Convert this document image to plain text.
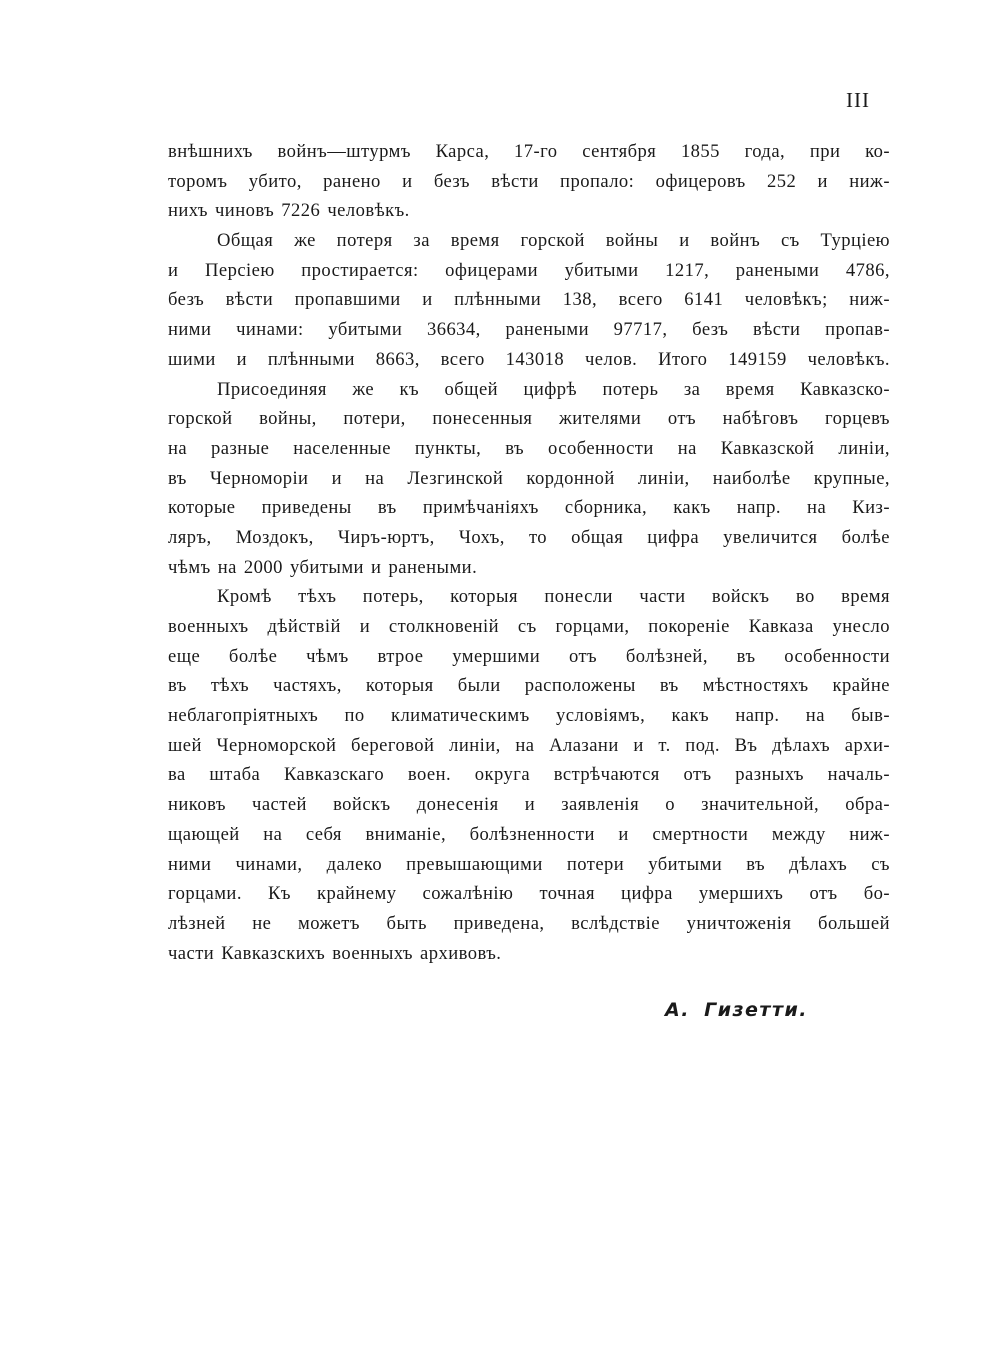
III
внѣшнихъ войнъ—штурмъ Карса, 17-го сентября 1855 года, при ко-
торомъ убито, ранено и безъ вѣсти пропало: офицеровъ 252 и ниж-
нихъ чиновъ 7226 человѣкъ.
Общая же потеря за время горской войны и войнъ съ Турціею
и Персіею простирается: офицерами убитыми 1217, ранеными 4786,
безъ вѣсти пропавшими и плѣнными 138, всего 6141 человѣкъ; ниж-
ними чинами: убитыми 36634, ранеными 97717, безъ вѣсти пропав-
шими и плѣнными 8663, всего 143018 челов. Итого 149159 человѣкъ.
Присоединяя же къ общей цифрѣ потерь за время Кавказско-
горской войны, потери, понесенныя жителями отъ набѣговъ горцевъ
на разные населенные пункты, въ особенности на Кавказской линіи,
въ Черноморіи и на Лезгинской кордонной линіи, наиболѣе крупные,
которые приведены въ примѣчаніяхъ сборника, какъ напр. на Киз-
ляръ, Моздокъ, Чиръ-юртъ, Чохъ, то общая цифра увеличится болѣе
чѣмъ на 2000 убитыми и ранеными.
Кромѣ тѣхъ потерь, которыя понесли части войскъ во время
военныхъ дѣйствій и столкновеній съ горцами, покореніе Кавказа унесло
еще болѣе чѣмъ втрое умершими отъ болѣзней, въ особенности
въ тѣхъ частяхъ, которыя были расположены въ мѣстностяхъ крайне
неблагопріятныхъ по климатическимъ условіямъ, какъ напр. на быв-
шей Черноморской береговой линіи, на Алазани и т. под. Въ дѣлахъ архи-
ва штаба Кавказскаго воен. округа встрѣчаются отъ разныхъ началь-
никовъ частей войскъ донесенія и заявленія о значительной, обра-
щающей на себя вниманіе, болѣзненности и смертности между ниж-
ними чинами, далеко превышающими потери убитыми въ дѣлахъ съ
горцами. Къ крайнему сожалѣнію точная цифра умершихъ отъ бо-
лѣзней не можетъ быть приведена, вслѣдствіе уничтоженія большей
части Кавказскихъ военныхъ архивовъ.
А. Гизетти.
